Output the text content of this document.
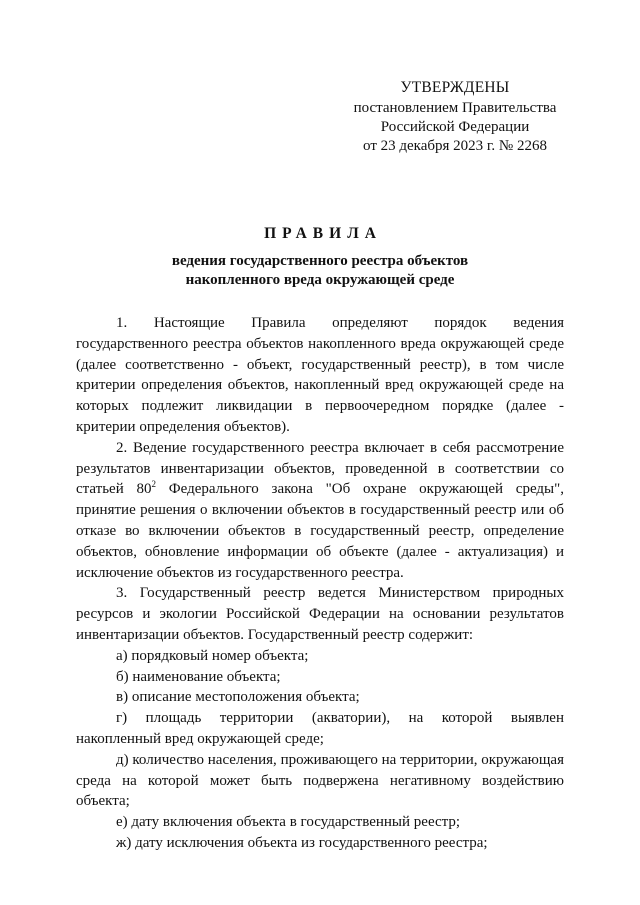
УТВЕРЖДЕНЫ
постановлением Правительства
Российской Федерации
от 23 декабря 2023 г. № 2268
ПРАВИЛА
ведения государственного реестра объектов
накопленного вреда окружающей среде

1. Настоящие Правила определяют порядок ведения государственного реестра объектов накопленного вреда окружающей среде (далее соответственно - объект, государственный реестр), в том числе критерии определения объектов, накопленный вред окружающей среде на которых подлежит ликвидации в первоочередном порядке (далее - критерии определения объектов).

2. Ведение государственного реестра включает в себя рассмотрение результатов инвентаризации объектов, проведенной в соответствии со статьей $80^2$ Федерального закона "Об охране окружающей среды", принятие решения о включении объектов в государственный реестр или об отказе во включении объектов в государственный реестр, определение объектов, обновление информации об объекте (далее - актуализация) и исключение объектов из государственного реестра.

3. Государственный реестр ведется Министерством природных ресурсов и экологии Российской Федерации на основании результатов инвентаризации объектов. Государственный реестр содержит:

а) порядковый номер объекта;

б) наименование объекта;

в) описание местоположения объекта;

г) площадь территории (акватории), на которой выявлен накопленный вред окружающей среде;

д) количество населения, проживающего на территории, окружающая среда на которой может быть подвержена негативному воздействию объекта;

е) дату включения объекта в государственный реестр;

ж) дату исключения объекта из государственного реестра;
